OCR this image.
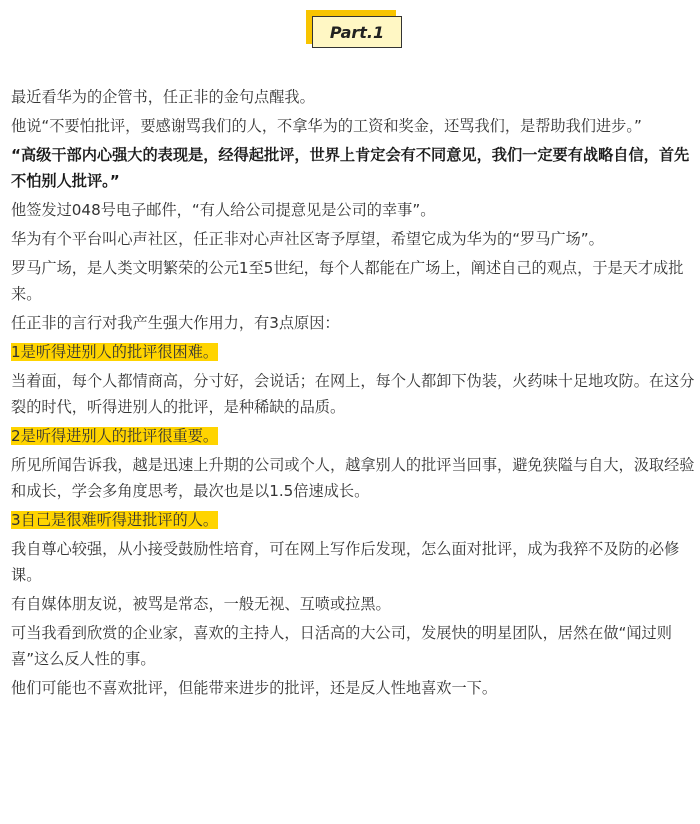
Part.1

最近看华为的企管书，任正非的金句点醒我。

他说“不要怕批评，要感谢骂我们的人，不拿华为的工资和奖金，还骂我们，是帮助我们进步。”

“高级干部内心强大的表现是，经得起批评，世界上肯定会有不同意见，我们一定要有战略自信，首先不怕别人批评。”

他签发过048号电子邮件，“有人给公司提意见是公司的幸事”。

华为有个平台叫心声社区，任正非对心声社区寄予厚望，希望它成为华为的“罗马广场”。

罗马广场，是人类文明繁荣的公元1至5世纪，每个人都能在广场上，阐述自己的观点，于是天才成批来。

任正非的言行对我产生强大作用力，有3点原因：

1是听得进别人的批评很困难。

当着面，每个人都情商高，分寸好，会说话；在网上，每个人都卸下伪装，火药味十足地攻防。在这分裂的时代，听得进别人的批评，是种稀缺的品质。

2是听得进别人的批评很重要。

所见所闻告诉我，越是迅速上升期的公司或个人，越拿别人的批评当回事，避免狭隘与自大，汲取经验和成长，学会多角度思考，最次也是以1.5倍速成长。

3自己是很难听得进批评的人。

我自尊心较强，从小接受鼓励性培育，可在网上写作后发现，怎么面对批评，成为我猝不及防的必修课。

有自媒体朋友说，被骂是常态，一般无视、互喷或拉黑。

可当我看到欣赏的企业家，喜欢的主持人，日活高的大公司，发展快的明星团队，居然在做“闻过则喜”这么反人性的事。

他们可能也不喜欢批评，但能带来进步的批评，还是反人性地喜欢一下。
